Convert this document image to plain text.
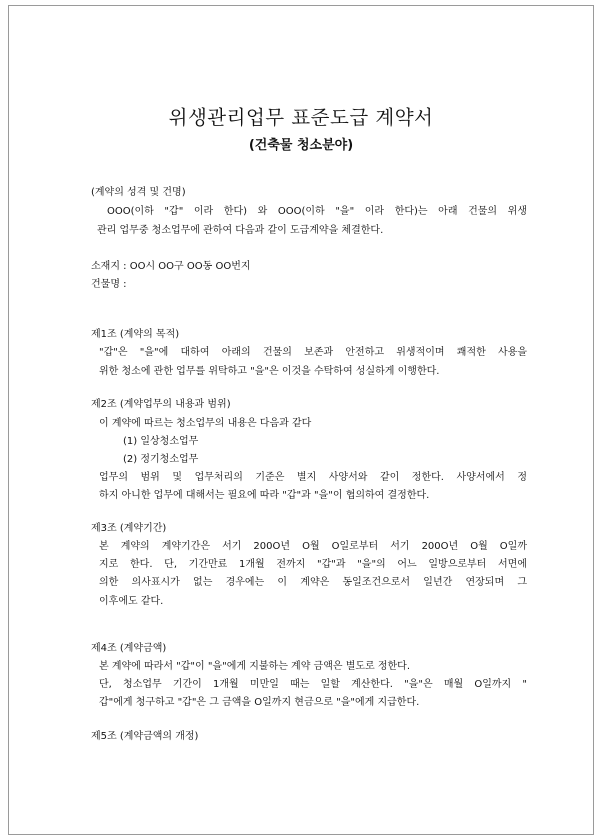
위생관리업무 표준도급 계약서
(건축물 청소분야)
(계약의 성격 및 건명)
OOO(이하 "갑" 이라 한다) 와 OOO(이하 "을" 이라 한다)는 아래 건물의 위생
관리 업무중 청소업무에 관하여 다음과 같이 도급계약을 체결한다.
소재지 : OO시 OO구 OO동 OO번지
건물명 :
제1조 (계약의 목적)
"갑"은 "을"에 대하여 아래의 건물의 보존과 안전하고 위생적이며 쾌적한 사용을
위한 청소에 관한 업무를 위탁하고 "을"은 이것을 수탁하여 성실하게 이행한다.
제2조 (계약업무의 내용과 범위)
이 계약에 따르는 청소업무의 내용은 다음과 같다
(1) 일상청소업무
(2) 정기청소업무
업무의 범위 및 업무처리의 기준은 별지 사양서와 같이 정한다. 사양서에서 정
하지 아니한 업무에 대해서는 필요에 따라 "갑"과 "을"이 협의하여 결정한다.
제3조 (계약기간)
본 계약의 계약기간은 서기 200O년 O월 O일로부터 서기 200O년 O월 O일까
지로 한다. 단, 기간만료 1개월 전까지 "갑"과 "을"의 어느 일방으로부터 서면에
의한 의사표시가 없는 경우에는 이 계약은 동일조건으로서 일년간 연장되며 그
이후에도 같다.
제4조 (계약금액)
본 계약에 따라서 "갑"이 "을"에게 지불하는 계약 금액은 별도로 정한다.
단, 청소업무 기간이 1개월 미만일 때는 일할 계산한다. "을"은 매월 O일까지 "
갑"에게 청구하고 "갑"은 그 금액을 O일까지 현금으로 "을"에게 지급한다.
제5조 (계약금액의 개정)
